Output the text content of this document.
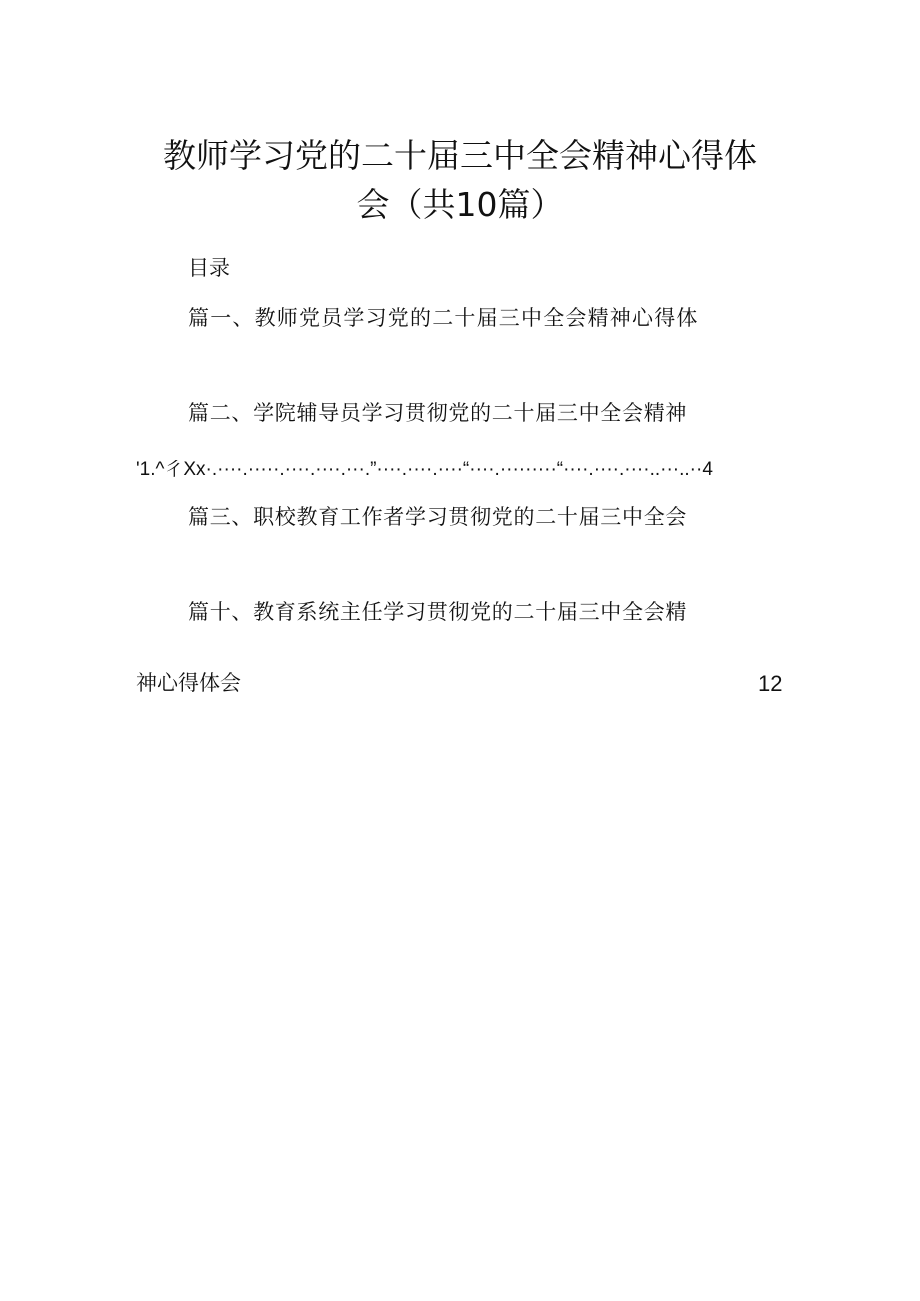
教师学习党的二十届三中全会精神心得体
会（共10篇）
目录
篇一、教师党员学习党的二十届三中全会精神心得体
篇二、学院辅导员学习贯彻党的二十届三中全会精神
'1.^彳Xx·.····.·····.····.····.···.”····.····.····“····.·········“····.····.····..···..··4
篇三、职校教育工作者学习贯彻党的二十届三中全会
篇十、教育系统主任学习贯彻党的二十届三中全会精
神心得体会	12
